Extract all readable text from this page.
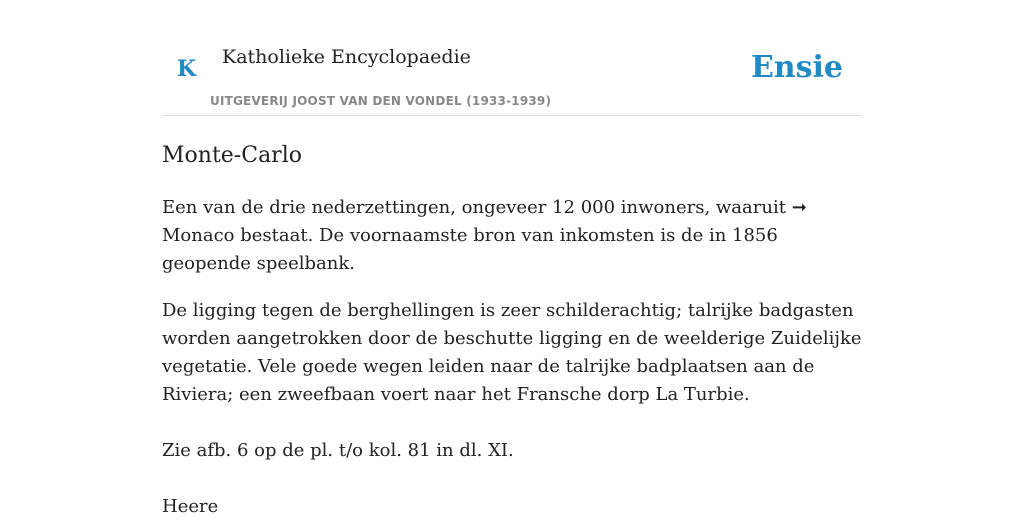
K Katholieke Encyclopaedie
UITGEVERIJ JOOST VAN DEN VONDEL (1933-1939)
Ensie
Monte-Carlo

Een van de drie nederzettingen, ongeveer 12 000 inwoners, waaruit ➞ Monaco bestaat. De voornaamste bron van inkomsten is de in 1856 geopende speelbank.

De ligging tegen de berghellingen is zeer schilderachtig; talrijke badgasten worden aangetrokken door de beschutte ligging en de weelderige Zuidelijke vegetatie. Vele goede wegen leiden naar de talrijke badplaatsen aan de Riviera; een zweefbaan voert naar het Fransche dorp La Turbie.

Zie afb. 6 op de pl. t/o kol. 81 in dl. XI.

Heere
